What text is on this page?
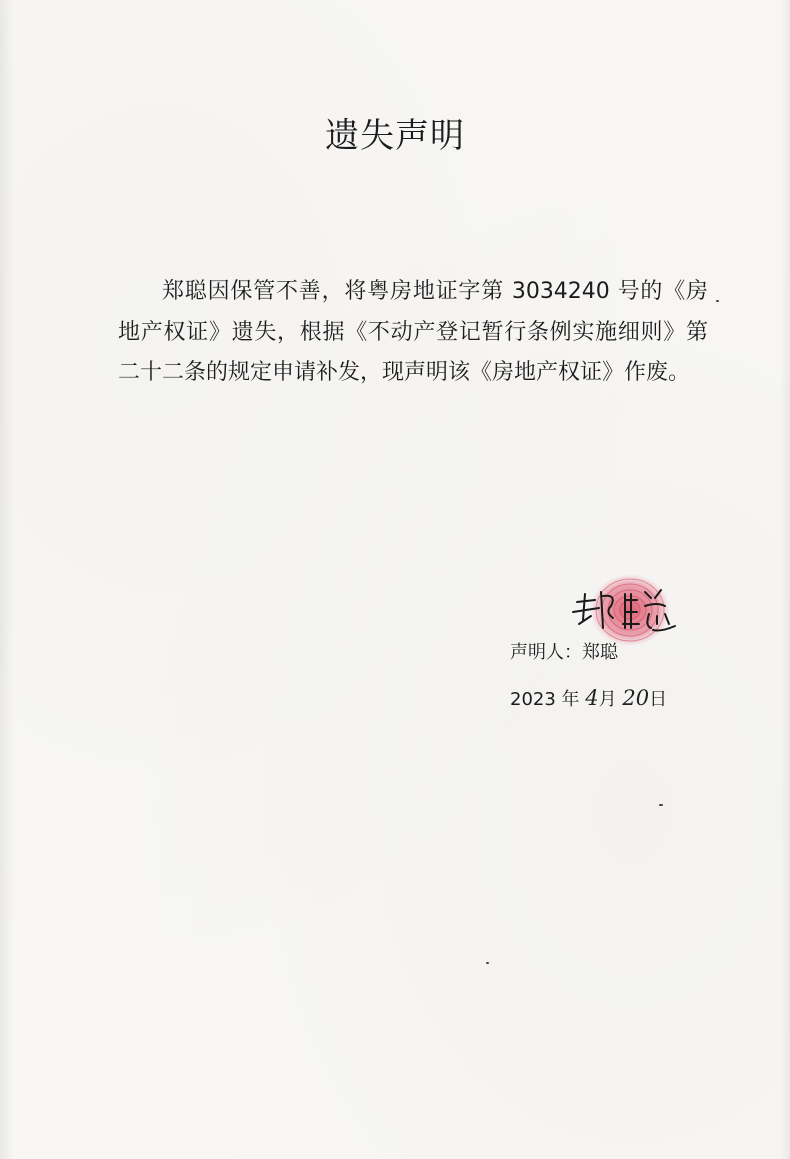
遗失声明
郑聪因保管不善，将粤房地证字第 3034240 号的《房地产权证》遗失，根据《不动产登记暂行条例实施细则》第二十二条的规定申请补发，现声明该《房地产权证》作废。
声明人：郑聪
2023 年 4月 20日
